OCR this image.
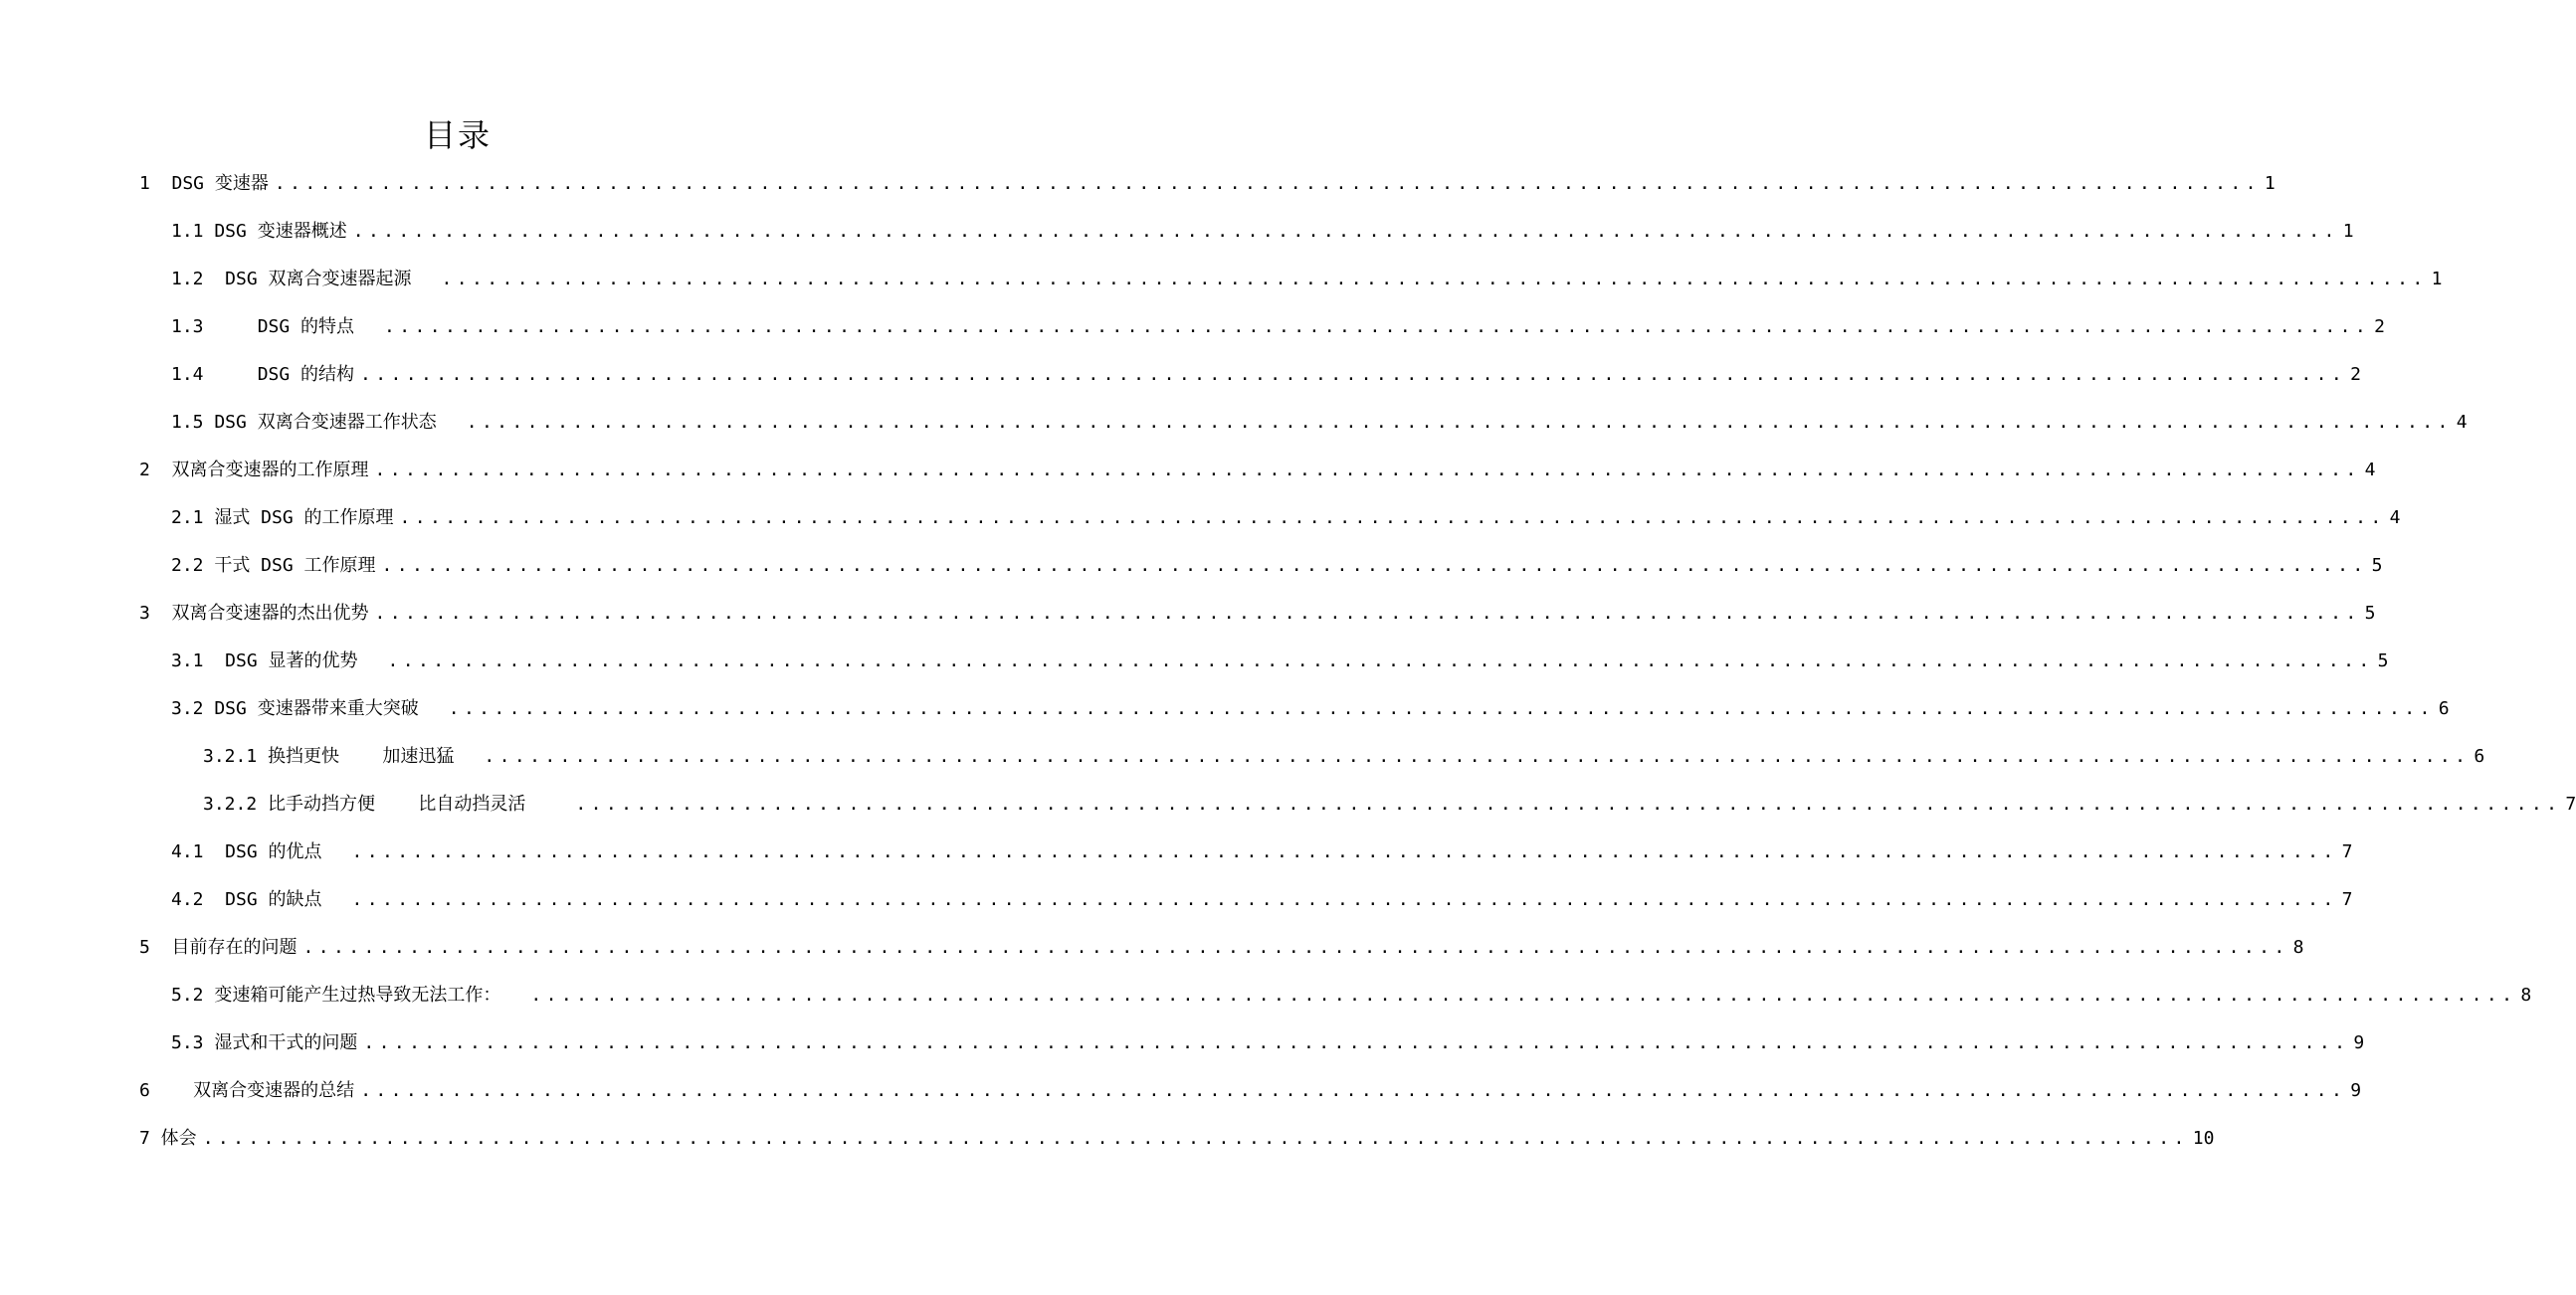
目录
1  DSG 变速器 ................................................................................................................................... 1
1.1 DSG 变速器概述 ................................................................................................................................... 1
1.2  DSG 双离合变速器起源 ................................................................................................................................... 1
1.3     DSG 的特点 ................................................................................................................................... 2
1.4     DSG 的结构 ................................................................................................................................... 2
1.5 DSG 双离合变速器工作状态 ................................................................................................................................... 4
2  双离合变速器的工作原理 ................................................................................................................................... 4
2.1 湿式 DSG 的工作原理 ................................................................................................................................... 4
2.2 干式 DSG 工作原理 ................................................................................................................................... 5
3  双离合变速器的杰出优势 ................................................................................................................................... 5
3.1  DSG 显著的优势 ................................................................................................................................... 5
3.2 DSG 变速器带来重大突破 ................................................................................................................................... 6
3.2.1 换挡更快    加速迅猛 ................................................................................................................................... 6
3.2.2 比手动挡方便    比自动挡灵活	................................................................................................................................... 7
4.1  DSG 的优点 ................................................................................................................................... 7
4.2  DSG 的缺点 ................................................................................................................................... 7
5  目前存在的问题 ................................................................................................................................... 8
5.2 变速箱可能产生过热导致无法工作： ................................................................................................................................... 8
5.3 湿式和干式的问题 ................................................................................................................................... 9
6    双离合变速器的总结 ................................................................................................................................... 9
7 体会 ................................................................................................................................... 10
